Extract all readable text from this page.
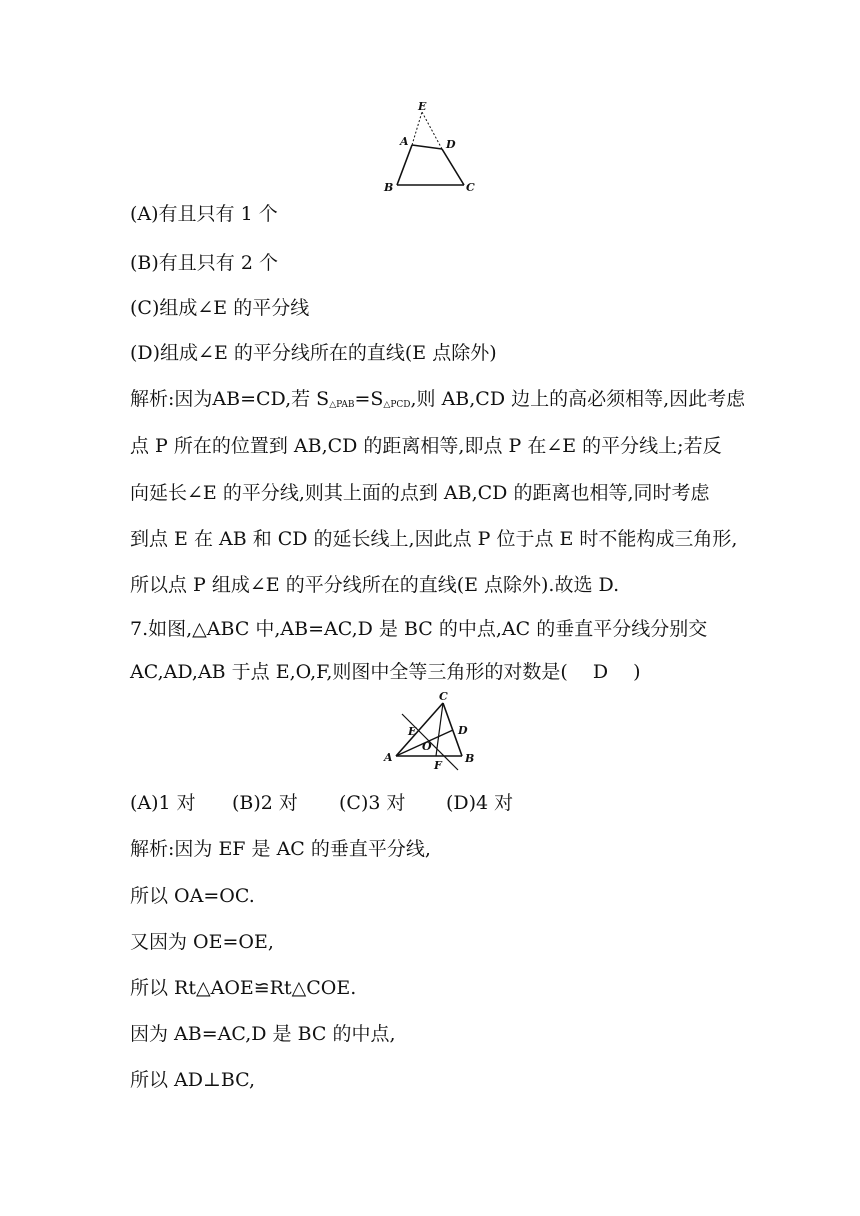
E
A	D
B	C
(A)有且只有 1 个
(B)有且只有 2 个
(C)组成∠E 的平分线
(D)组成∠E 的平分线所在的直线(E 点除外)
解析:因为AB=CD,若 $S_{\triangle PAB}=S_{\triangle PCD}$,则 AB,CD 边上的高必须相等,因此考虑
点 P 所在的位置到 AB,CD 的距离相等,即点 P 在∠E 的平分线上;若反
向延长∠E 的平分线,则其上面的点到 AB,CD 的距离也相等,同时考虑
到点 E 在 AB 和 CD 的延长线上,因此点 P 位于点 E 时不能构成三角形,
所以点 P 组成∠E 的平分线所在的直线(E 点除外).故选 D.
7.如图,△ABC 中,AB=AC,D 是 BC 的中点,AC 的垂直平分线分别交
AC,AD,AB 于点 E,O,F,则图中全等三角形的对数是(　 D　 )
C
E	D
O
A
F
B
(A)1 对 (B)2 对 (C)3 对 (D)4 对
解析:因为 EF 是 AC 的垂直平分线,
所以 OA=OC.
又因为 OE=OE,
所以 Rt△AOE≌Rt△COE.
因为 AB=AC,D 是 BC 的中点,
所以 AD⊥BC,
